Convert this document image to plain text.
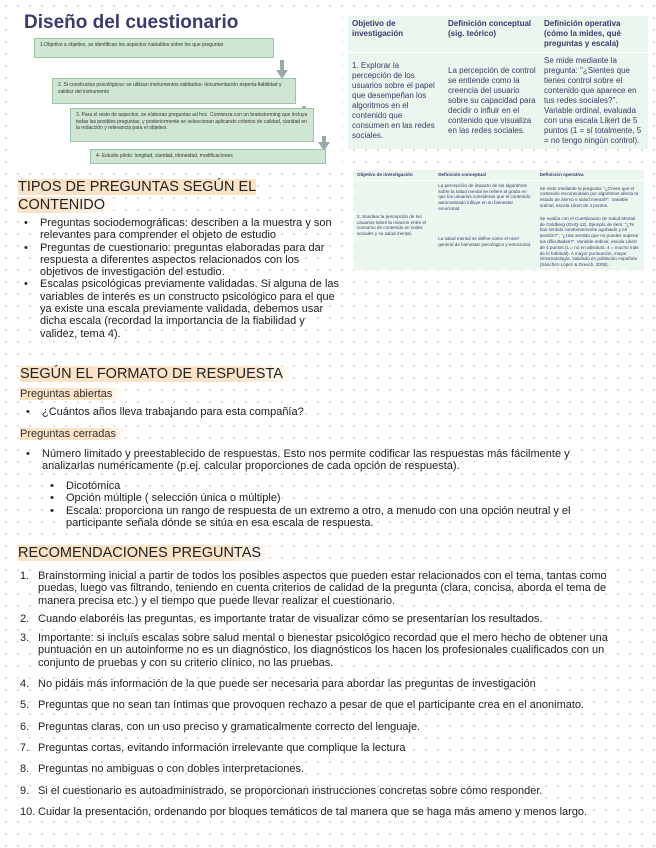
Diseño del cuestionario
1.Objetivo a objetivo, se identifican los aspectos /variables sobre los que preguntar
2. Si constructos psicológicos: se utilizan instrumentos validados- documentación experta-fiabilidad y validez del instrumento
3. Para el resto de aspectos, se elaboran preguntas ad hoc. Comienza con un brainstorming que incluya todas las posibles preguntas, y posteriormente se seleccionan aplicando criterios de calidad, claridad en la redacción y relevancia para el objetivo.
4- Estudio piloto: longitud, claridad, idoneidad, modificaciones
Objetivo de investigación	Definición conceptual (sig. teórico)	Definición operativa (cómo la mides, qué preguntas y escala)
1. Explorar la percepción de los usuarios sobre el papel que desempeñan los algoritmos en el contenido que consumen en las redes sociales.	La percepción de control se entiende como la creencia del usuario sobre su capacidad para decidir o influir en el contenido que visualiza en las redes sociales.	Se mide mediante la pregunta: "¿Sientes que tienes control sobre el contenido que aparece en tus redes sociales?". Variable ordinal, evaluada con una escala Likert de 5 puntos (1 = sí totalmente, 5 = no tengo ningún control).
Objetivo de investigación	Definición conceptual	Definición operativa
2. Sondear la percepción de los usuarios sobre la relación entre el consumo de contenido en redes sociales y su salud mental.	La percepción de impacto de los algoritmos sobre la salud mental se refiere al grado en que los usuarios consideran que el contenido automatizado influye en su bienestar emocional.	Se mide mediante la pregunta: "¿Crees que el contenido recomendado por algoritmos afecta tu estado de ánimo o salud mental?". Variable ordinal, escala Likert de 4 puntos.
	La salud mental se define como el nivel general de bienestar psicológico y emocional.	Se evalúa con el Cuestionario de Salud Mental de Goldberg (GHQ-12). Ejemplo de ítem: "¿Te has sentido constantemente agobiado y en tensión?", "¿Has sentido que no puedes superar tus dificultades?". Variable ordinal, escala Likert de 4 puntos (1 = no en absoluto, 4 = mucho más de lo habitual). A mayor puntuación, mayor sintomatología. Validado en población española (Sánchez-López & Dresch, 2008).
TIPOS DE PREGUNTAS SEGÚN EL CONTENIDO
• Preguntas sociodemográficas: describen a la muestra y son relevantes para comprender el objeto de estudio
• Preguntas de cuestionario: preguntas elaboradas para dar respuesta a diferentes aspectos relacionados con los objetivos de investigación del estudio.
• Escalas psicológicas previamente validadas. Si alguna de las variables de interés es un constructo psicológico para el que ya existe una escala previamente validada, debemos usar dicha escala (recordad la importancia de la fiabilidad y validez, tema 4).
SEGÚN EL FORMATO DE RESPUESTA
Preguntas abiertas
• ¿Cuántos años lleva trabajando para esta compañía?
Preguntas cerradas
• Número limitado y preestablecido de respuestas. Esto nos permite codificar las respuestas más fácilmente y analizarlas numéricamente (p.ej. calcular proporciones de cada opción de respuesta).
• Dicotómica
• Opción múltiple ( selección única o múltiple)
• Escala: proporciona un rango de respuesta de un extremo a otro, a menudo con una opción neutral y el participante señala dónde se sitúa en esa escala de respuesta.
RECOMENDACIONES PREGUNTAS
1. Brainstorming inicial a partir de todos los posibles aspectos que pueden estar relacionados con el tema, tantas como puedas, luego vas filtrando, teniendo en cuenta criterios de calidad de la pregunta (clara, concisa, aborda el tema de manera precisa etc.) y el tiempo que puede llevar realizar el cuestionario.
2. Cuando elaboréis las preguntas, es importante tratar de visualizar cómo se presentarían los resultados.
3. Importante: si incluís escalas sobre salud mental o bienestar psicológico recordad que el mero hecho de obtener una puntuación en un autoinforme no es un diagnóstico, los diagnósticos los hacen los profesionales cualificados con un conjunto de pruebas y con su criterio clínico, no las pruebas.
4. No pidáis más información de la que puede ser necesaria para abordar las preguntas de investigación
5. Preguntas que no sean tan íntimas que provoquen rechazo a pesar de que el participante crea en el anonimato.
6. Preguntas claras, con un uso preciso y gramaticalmente correcto del lenguaje.
7. Preguntas cortas, evitando información irrelevante que complique la lectura
8. Preguntas no ambiguas o con dobles interpretaciones.
9. Si el cuestionario es autoadministrado, se proporcionan instrucciones concretas sobre cómo responder.
10. Cuidar la presentación, ordenando por bloques temáticos de tal manera que se haga más ameno y menos largo.
